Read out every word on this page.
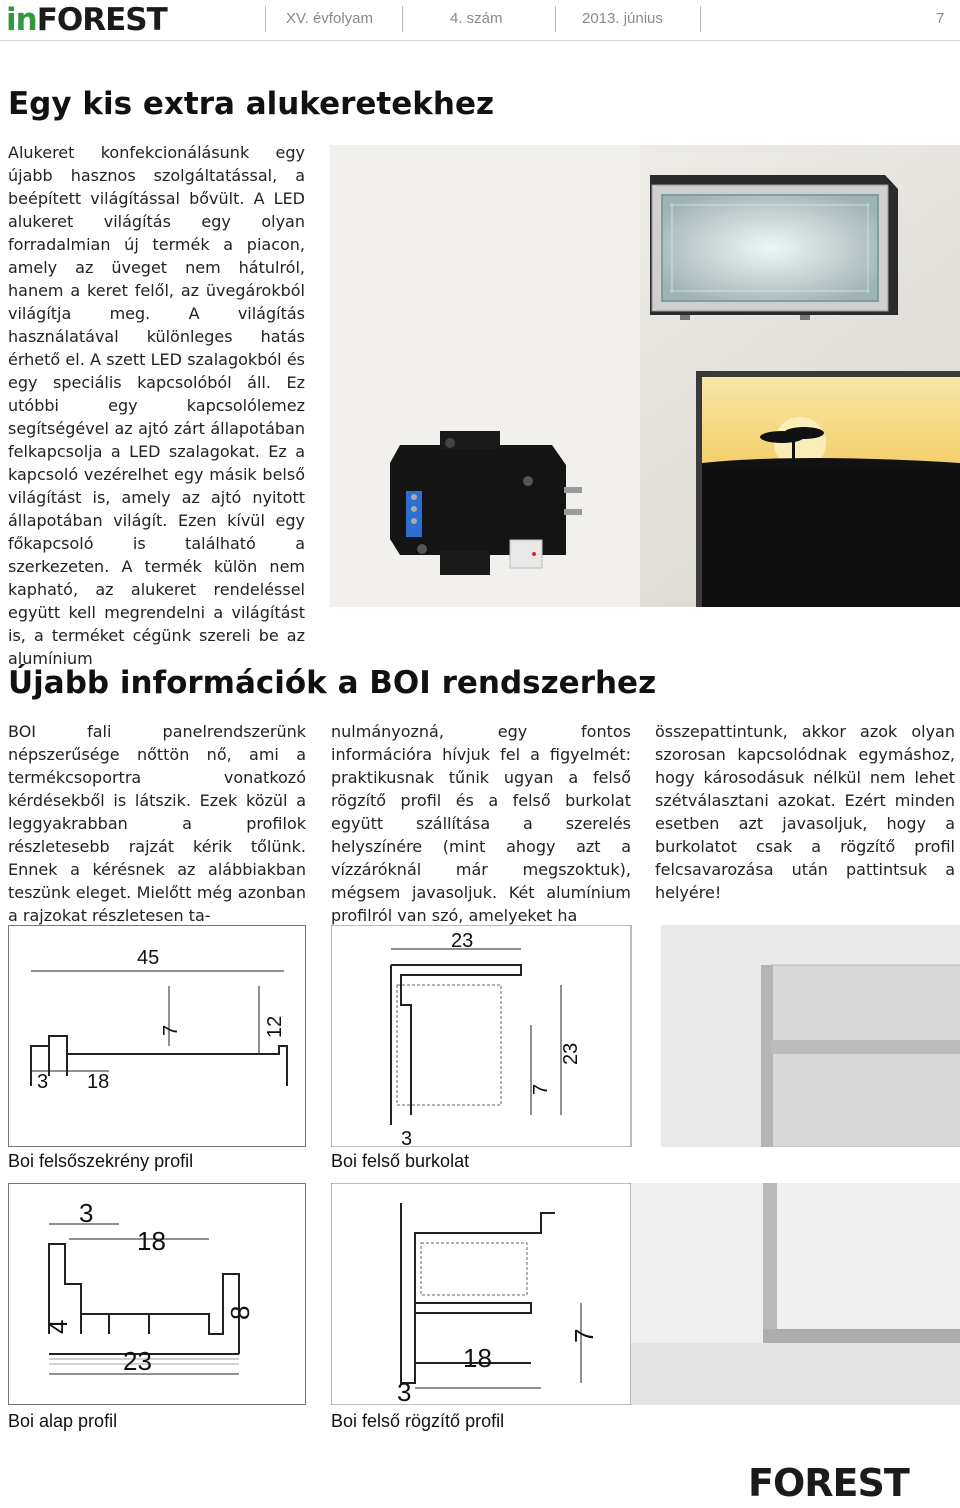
inFOREST	XV. évfolyam	4. szám	2013. június	7
Egy kis extra alukeretekhez
Alukeret konfekcionálásunk egy újabb hasznos szolgáltatással, a beépített világítással bővült. A LED alukeret világítás egy olyan forradalmian új termék a piacon, amely az üveget nem hátulról, hanem a keret felől, az üvegárokból világítja meg. A világítás használatával különleges hatás érhető el. A szett LED szalagokból és egy speciális kapcsolóból áll. Ez utóbbi egy kapcsolólemez segítségével az ajtó zárt állapotában felkapcsolja a LED szalagokat. Ez a kapcsoló vezérelhet egy másik belső világítást is, amely az ajtó nyitott állapotában világít. Ezen kívül egy főkapcsoló is található a szerkezeten. A termék külön nem kapható, az alukeret rendeléssel együtt kell megrendelni a világítást is, a terméket cégünk szereli be az alumínium
Újabb információk a BOI rendszerhez
BOI fali panelrendszerünk népszerűsége nőttön nő, ami a termékcsoportra vonatkozó kérdésekből is látszik. Ezek közül a leggyakrabban a profilok részletesebb rajzát kérik tőlünk. Ennek a kérésnek az alábbiakban teszünk eleget. Mielőtt még azonban a rajzokat részletesen ta-
nulmányozná, egy fontos információra hívjuk fel a figyelmét: praktikusnak tűnik ugyan a felső rögzítő profil és a felső burkolat együtt szállítása a szerelés helyszínére (mint ahogy azt a vízzáróknál már megszoktuk), mégsem javasoljuk. Két alumínium profilról van szó, amelyeket ha
összepattintunk, akkor azok olyan szorosan kapcsolódnak egymáshoz, hogy károsodásuk nélkül nem lehet szétválasztani azokat. Ezért minden esetben azt javasoljuk, hogy a burkolatot csak a rögzítő profil felcsavarozása után pattintsuk a helyére!
45
7	12
3 18
Boi felsőszekrény profil
23
7
23
3
Boi felső burkolat
3
18
4
8
23
Boi alap profil
7
18
3
Boi felső rögzítő profil
FOREST
